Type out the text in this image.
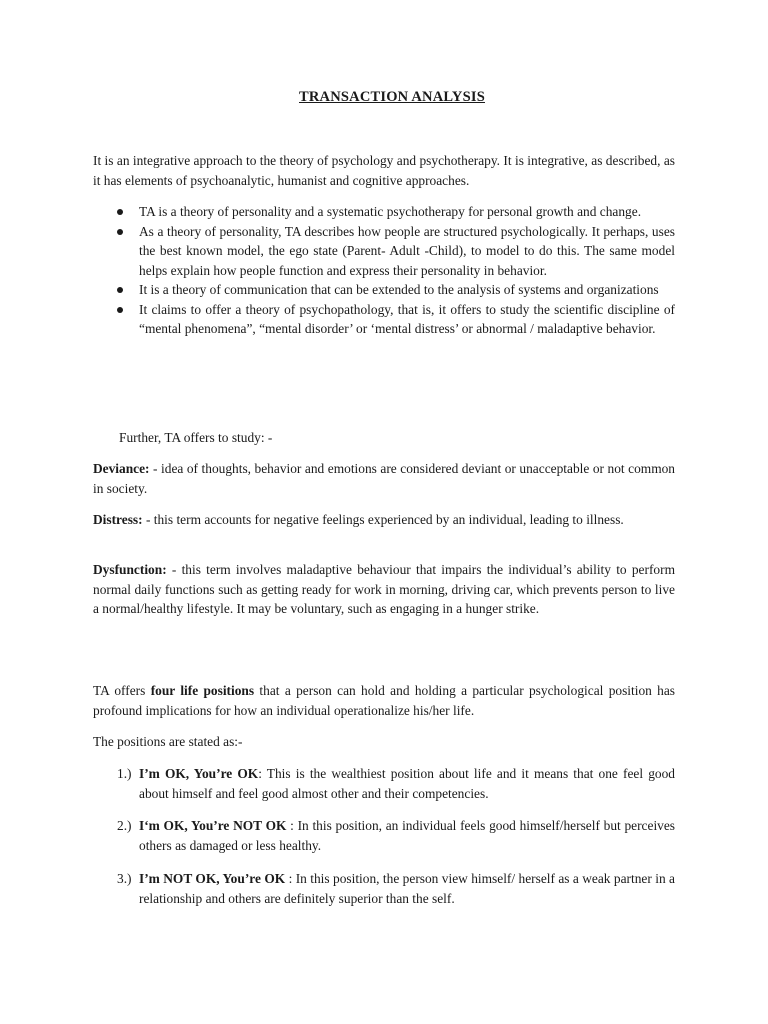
TRANSACTION ANALYSIS

It is an integrative approach to the theory of psychology and psychotherapy. It is integrative, as described, as it has elements of psychoanalytic, humanist and cognitive approaches.

TA is a theory of personality and a systematic psychotherapy for personal growth and change.
As a theory of personality, TA describes how people are structured psychologically. It perhaps, uses the best known model, the ego state (Parent- Adult -Child), to model to do this. The same model helps explain how people function and express their personality in behavior.
It is a theory of communication that can be extended to the analysis of systems and organizations
It claims to offer a theory of psychopathology, that is, it offers to study the scientific discipline of “mental phenomena”, “mental disorder’ or ‘mental distress’ or abnormal / maladaptive behavior.

Further, TA offers to study: -

Deviance: - idea of thoughts, behavior and emotions are considered deviant or unacceptable or not common in society.

Distress: - this term accounts for negative feelings experienced by an individual, leading to illness.

Dysfunction: - this term involves maladaptive behaviour that impairs the individual’s ability to perform normal daily functions such as getting ready for work in morning, driving car, which prevents person to live a normal/healthy lifestyle. It may be voluntary, such as engaging in a hunger strike.

TA offers four life positions that a person can hold and holding a particular psychological position has profound implications for how an individual operationalize his/her life.

The positions are stated as:-

1.) I’m OK, You’re OK: This is the wealthiest position about life and it means that one feel good about himself and feel good almost other and their competencies.
2.) I‘m OK, You’re NOT OK : In this position, an individual feels good himself/herself but perceives others as damaged or less healthy.
3.) I’m NOT OK, You’re OK : In this position, the person view himself/ herself as a weak partner in a relationship and others are definitely superior than the self.
